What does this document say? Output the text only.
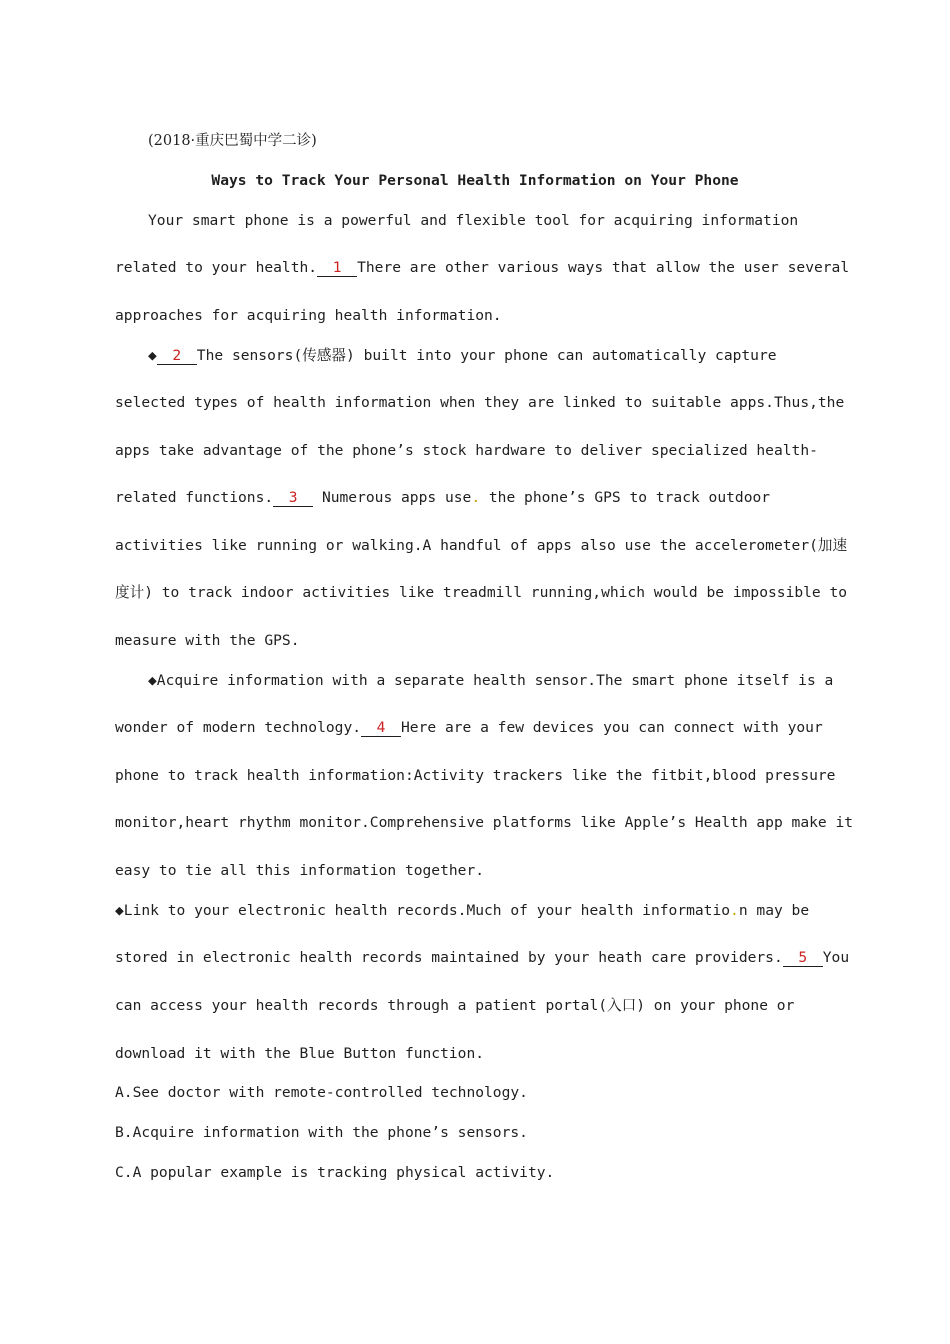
(2018·重庆巴蜀中学二诊)
Ways to Track Your Personal Health Information on Your Phone
Your smart phone is a powerful and flexible tool for acquiring information
related to your health. 1 There are other various ways that allow the user several
approaches for acquiring health information.
◆ 2 The sensors(传感器) built into your phone can automatically capture
selected types of health information when they are linked to suitable apps.Thus,the
apps take advantage of the phone’s stock hardware to deliver specialized health-
related functions. 3 Numerous apps use. the phone’s GPS to track outdoor
activities like running or walking.A handful of apps also use the accelerometer(加速
度计) to track indoor activities like treadmill running,which would be impossible to
measure with the GPS.
◆Acquire information with a separate health sensor.The smart phone itself is a
wonder of modern technology. 4 Here are a few devices you can connect with your
phone to track health information:Activity trackers like the fitbit,blood pressure
monitor,heart rhythm monitor.Comprehensive platforms like Apple’s Health app make it
easy to tie all this information together.
◆Link to your electronic health records.Much of your health informatio.n may be
stored in electronic health records maintained by your heath care providers. 5 You
can access your health records through a patient portal(入口) on your phone or
download it with the Blue Button function.
A.See doctor with remote-controlled technology.
B.Acquire information with the phone’s sensors.
C.A popular example is tracking physical activity.
